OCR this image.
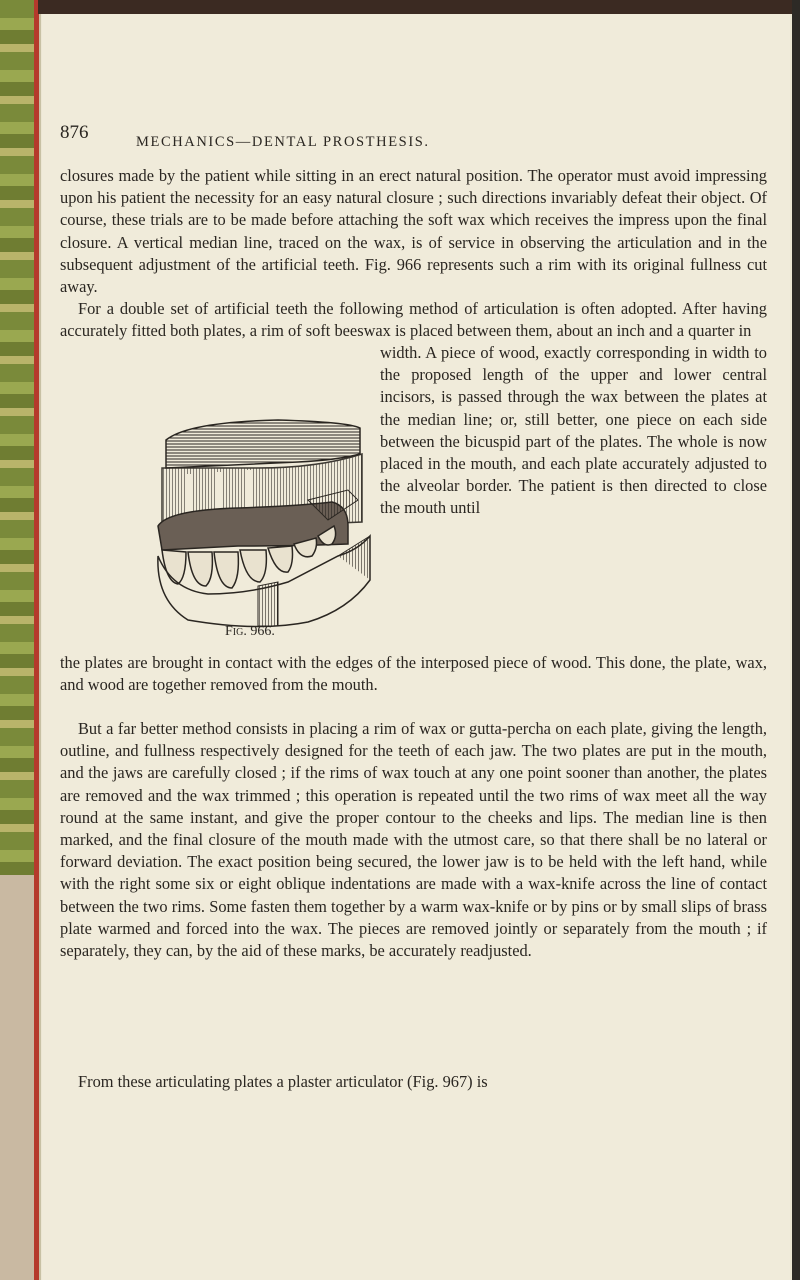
876	MECHANICS—DENTAL PROSTHESIS.

closures made by the patient while sitting in an erect natural position. The operator must avoid impressing upon his patient the necessity for an easy natural closure ; such directions invariably defeat their object. Of course, these trials are to be made before attaching the soft wax which receives the impress upon the final closure. A vertical median line, traced on the wax, is of service in observing the articulation and in the subsequent adjustment of the artificial teeth. Fig. 966 represents such a rim with its original fullness cut away.

For a double set of artificial teeth the following method of articulation is often adopted. After having accurately fitted both plates, a rim of soft beeswax is placed between them, about an inch and a quarter in

width. A piece of wood, exactly corresponding in width to the proposed length of the upper and lower central incisors, is passed through the wax between the plates at the median line; or, still better, one piece on each side between the bicuspid part of the plates. The whole is now placed in the mouth, and each plate accurately adjusted to the alveolar border. The patient is then directed to close the mouth until

the plates are brought in contact with the edges of the interposed piece of wood. This done, the plate, wax, and wood are together removed from the mouth.

But a far better method consists in placing a rim of wax or gutta-percha on each plate, giving the length, outline, and fullness respectively designed for the teeth of each jaw. The two plates are put in the mouth, and the jaws are carefully closed ; if the rims of wax touch at any one point sooner than another, the plates are removed and the wax trimmed ; this operation is repeated until the two rims of wax meet all the way round at the same instant, and give the proper contour to the cheeks and lips. The median line is then marked, and the final closure of the mouth made with the utmost care, so that there shall be no lateral or forward deviation. The exact position being secured, the lower jaw is to be held with the left hand, while with the right some six or eight oblique indentations are made with a wax-knife across the line of contact between the two rims. Some fasten them together by a warm wax-knife or by pins or by small slips of brass plate warmed and forced into the wax. The pieces are removed jointly or separately from the mouth ; if separately, they can, by the aid of these marks, be accurately readjusted.

From these articulating plates a plaster articulator (Fig. 967) is

Fig. 966.
